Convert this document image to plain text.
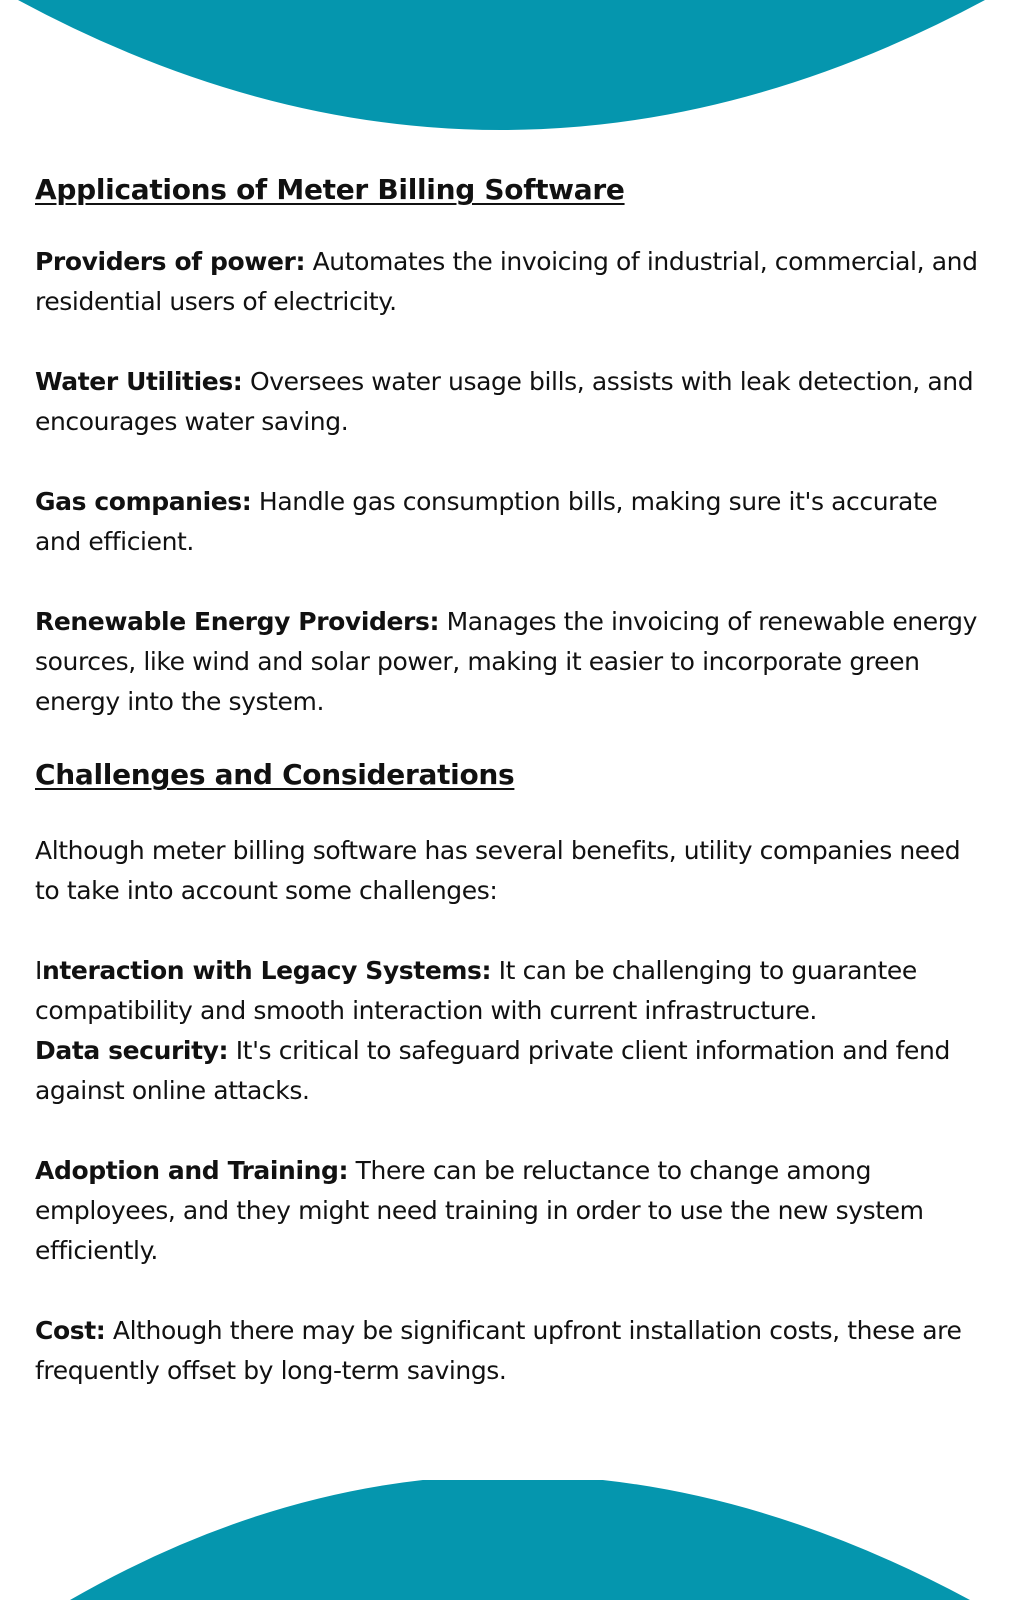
Applications of Meter Billing Software

Providers of power: Automates the invoicing of industrial, commercial, and residential users of electricity.

Water Utilities: Oversees water usage bills, assists with leak detection, and encourages water saving.

Gas companies: Handle gas consumption bills, making sure it's accurate and efficient.

Renewable Energy Providers: Manages the invoicing of renewable energy sources, like wind and solar power, making it easier to incorporate green energy into the system.

Challenges and Considerations

Although meter billing software has several benefits, utility companies need to take into account some challenges:

Interaction with Legacy Systems: It can be challenging to guarantee compatibility and smooth interaction with current infrastructure.

Data security: It's critical to safeguard private client information and fend against online attacks.

Adoption and Training: There can be reluctance to change among employees, and they might need training in order to use the new system efficiently.

Cost: Although there may be significant upfront installation costs, these are frequently offset by long-term savings.
